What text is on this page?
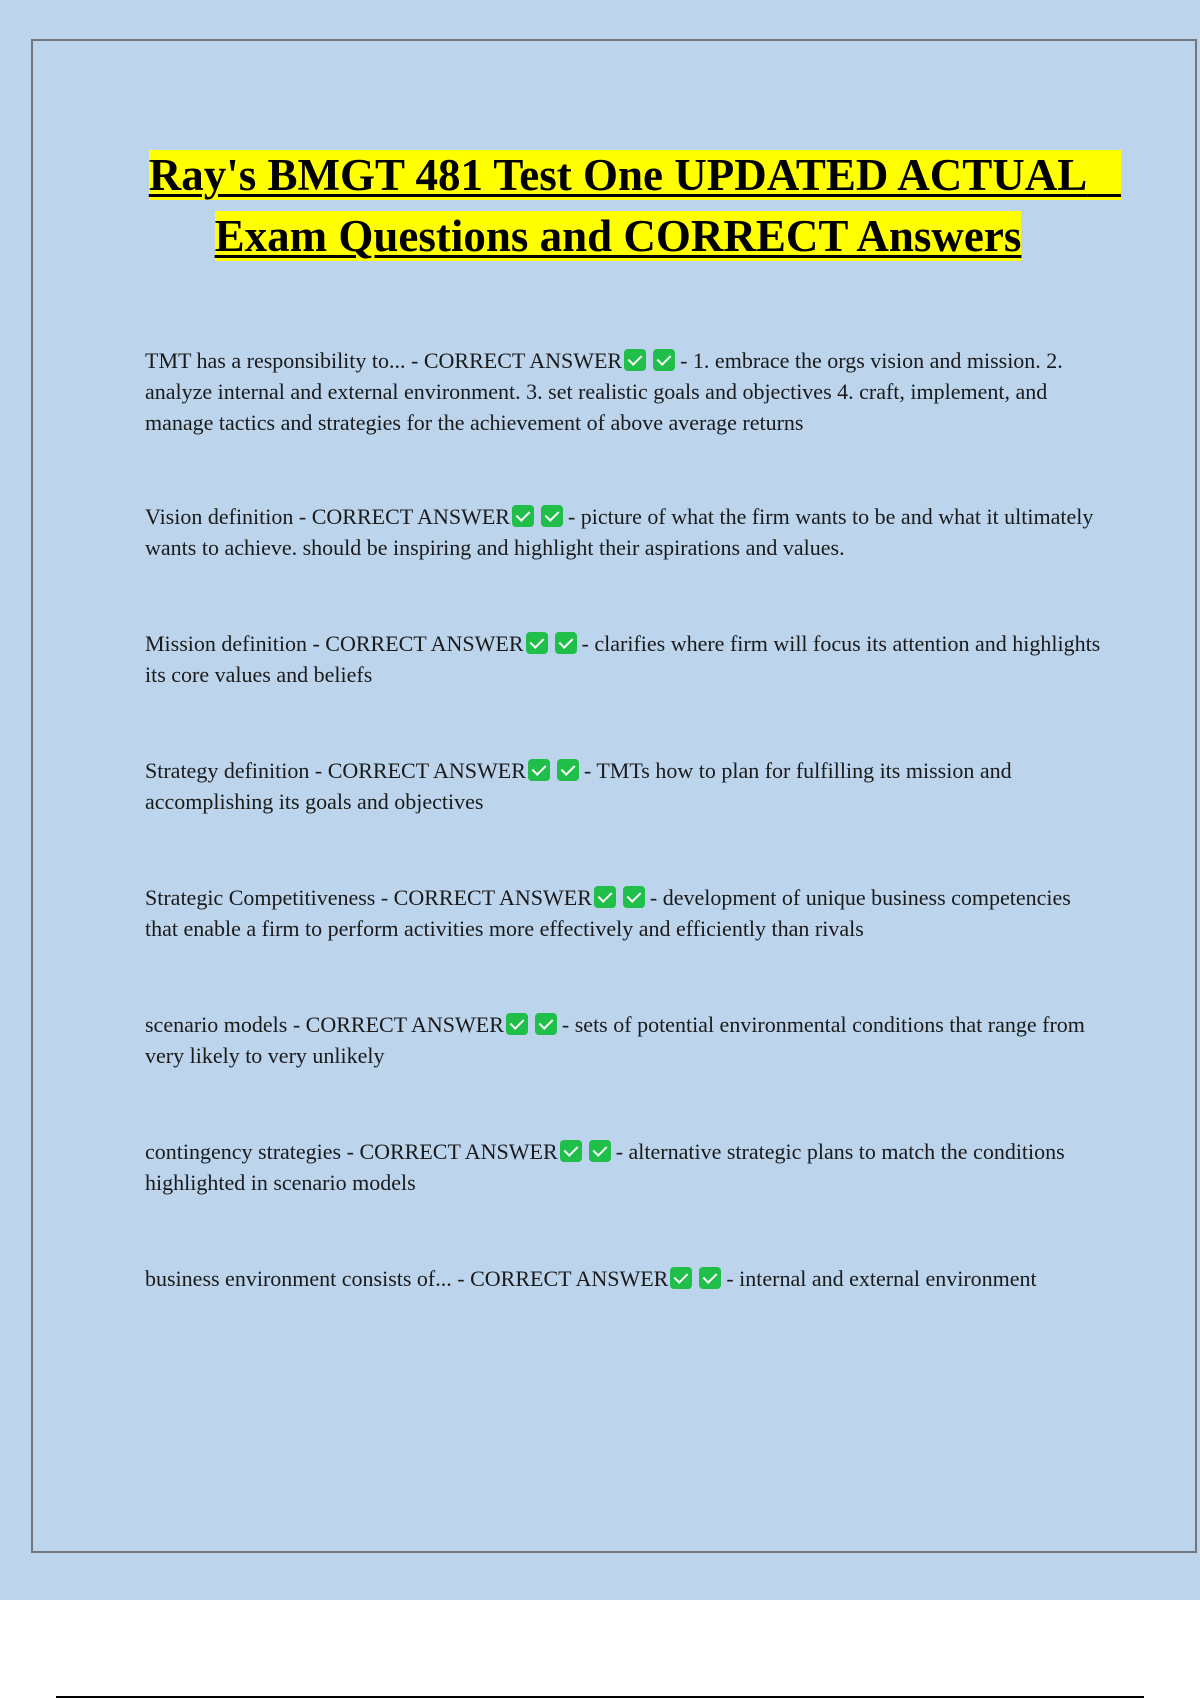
Ray's BMGT 481 Test One UPDATED ACTUAL   Exam Questions and CORRECT Answers

TMT has a responsibility to... - CORRECT ANSWER	- 1. embrace the orgs vision and mission. 2. analyze internal and external environment. 3. set realistic goals and objectives 4. craft, implement, and manage tactics and strategies for the achievement of above average returns

Vision definition - CORRECT ANSWER	- picture of what the firm wants to be and what it ultimately wants to achieve. should be inspiring and highlight their aspirations and values.

Mission definition - CORRECT ANSWER	- clarifies where firm will focus its attention and highlights its core values and beliefs

Strategy definition - CORRECT ANSWER	- TMTs how to plan for fulfilling its mission and accomplishing its goals and objectives

Strategic Competitiveness - CORRECT ANSWER	- development of unique business competencies that enable a firm to perform activities more effectively and efficiently than rivals

scenario models - CORRECT ANSWER	- sets of potential environmental conditions that range from very likely to very unlikely

contingency strategies - CORRECT ANSWER	- alternative strategic plans to match the conditions highlighted in scenario models

business environment consists of... - CORRECT ANSWER	- internal and external environment
